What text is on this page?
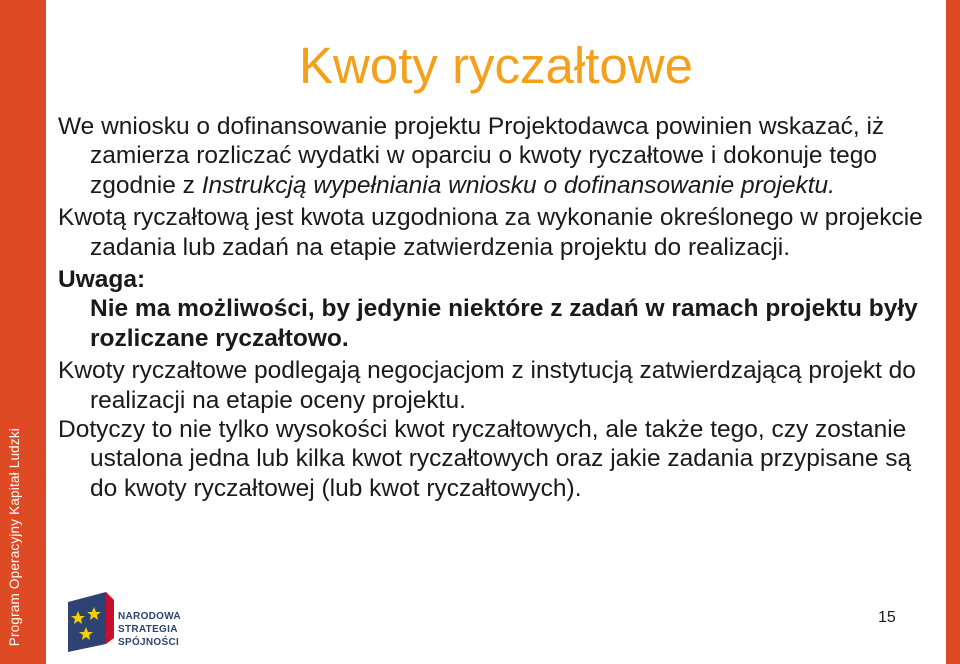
Program Operacyjny Kapitał Ludzki
Kwoty ryczałtowe

We wniosku o dofinansowanie projektu Projektodawca powinien wskazać, iż zamierza rozliczać wydatki w oparciu o kwoty ryczałtowe i dokonuje tego zgodnie z Instrukcją wypełniania wniosku o dofinansowanie projektu.

Kwotą ryczałtową jest kwota uzgodniona za wykonanie określonego w projekcie zadania lub zadań na etapie zatwierdzenia projektu do realizacji.

Uwaga:

Nie ma możliwości, by jedynie niektóre z zadań w ramach projektu były rozliczane ryczałtowo.

Kwoty ryczałtowe podlegają negocjacjom z instytucją zatwierdzającą projekt do realizacji na etapie oceny projektu.

Dotyczy to nie tylko wysokości kwot ryczałtowych, ale także tego, czy zostanie ustalona jedna lub kilka kwot ryczałtowych oraz jakie zadania przypisane są do kwoty ryczałtowej (lub kwot ryczałtowych).

NARODOWA
STRATEGIA SPÓJNOŚCI
15
